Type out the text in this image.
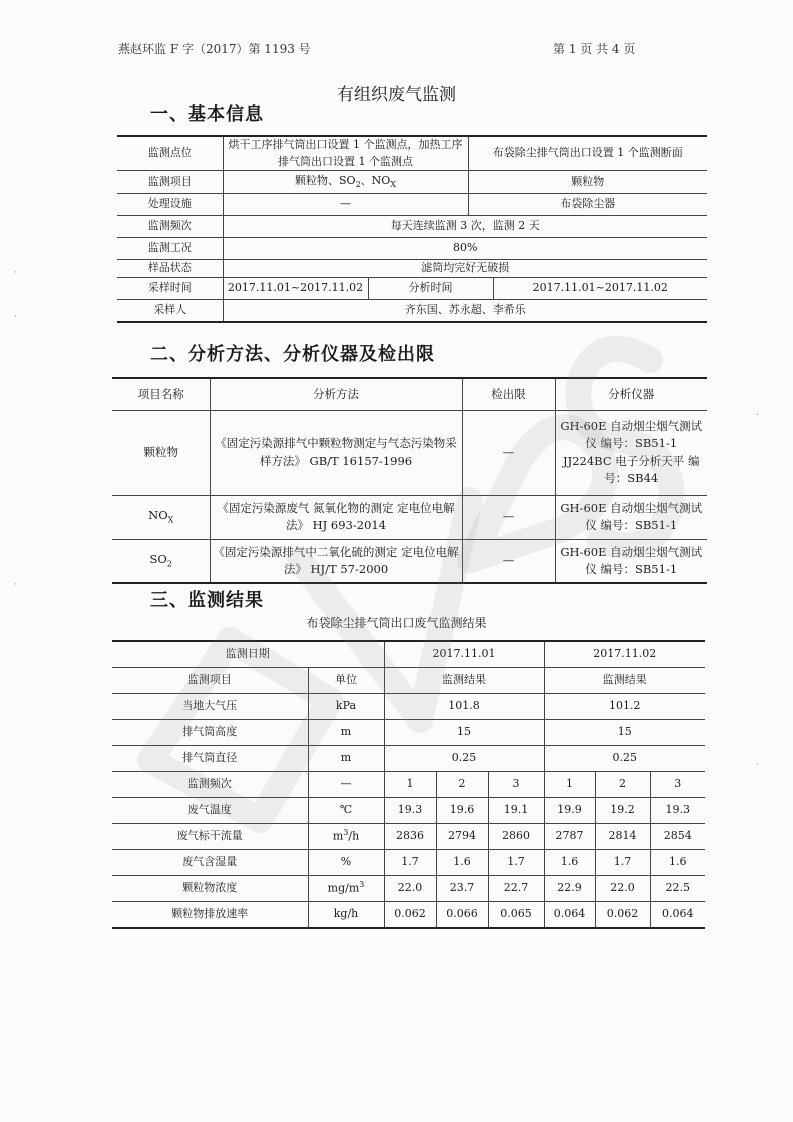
燕赵环监 F 字（2017）第 1193 号	第 1 页 共 4 页
有组织废气监测
一、基本信息
监测点位	烘干工序排气筒出口设置 1 个监测点，加热工序排气筒出口设置 1 个监测点		布袋除尘排气筒出口设置 1 个监测断面	
监测项目	颗粒物、$SO_2$、$NO_X$		颗粒物	
处理设施	—		布袋除尘器	
监测频次	每天连续监测 3 次，监测 2 天			
监测工况	80%			
样品状态	滤筒均完好无破损			
采样时间	2017.11.01~2017.11.02	分析时间		2017.11.01~2017.11.02
采样人	齐东国、苏永超、李希乐			
二、分析方法、分析仪器及检出限
项目名称	分析方法	检出限	分析仪器
颗粒物	《固定污染源排气中颗粒物测定与气态污染物采样方法》 GB/T 16157-1996	—	GH-60E 自动烟尘烟气测试仪 编号：SB51-1
JJ224BC 电子分析天平 编号：SB44

$NO_X$	《固定污染源废气 氮氧化物的测定 定电位电解法》 HJ 693-2014	—	GH-60E 自动烟尘烟气测试仪 编号：SB51-1
$SO_2$	《固定污染源排气中二氧化硫的测定 定电位电解法》 HJ/T 57-2000	—	GH-60E 自动烟尘烟气测试仪 编号：SB51-1
三、监测结果
布袋除尘排气筒出口废气监测结果
监测日期		2017.11.01			2017.11.02		
监测项目	单位	监测结果			监测结果		
当地大气压	kPa	101.8			101.2		
排气筒高度	m	15			15		
排气筒直径	m	0.25			0.25		
监测频次	—	1	2	3	1	2	3
废气温度	℃	19.3	19.6	19.1	19.9	19.2	19.3
废气标干流量	$m^3/h$	2836	2794	2860	2787	2814	2854
废气含湿量	%	1.7	1.6	1.7	1.6	1.7	1.6
颗粒物浓度	$mg/m^3$	22.0	23.7	22.7	22.9	22.0	22.5
颗粒物排放速率	kg/h	0.062	0.066	0.065	0.064	0.062	0.064
·
·
·
·
·
